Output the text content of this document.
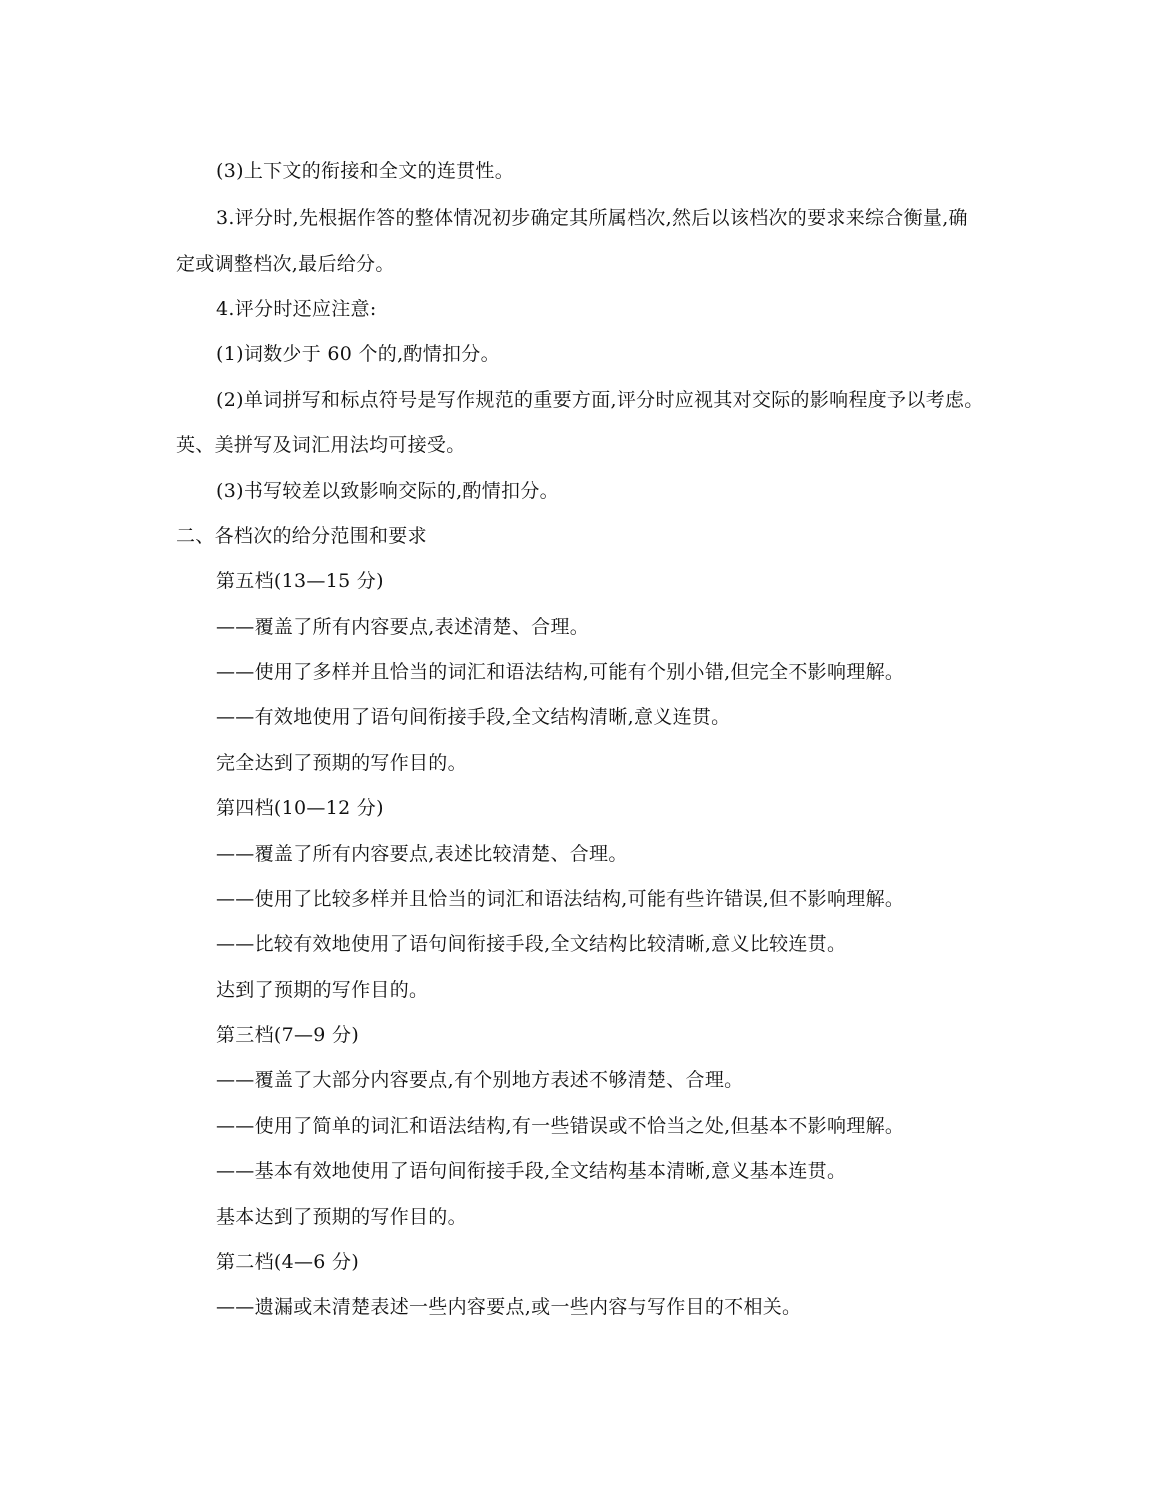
(3)上下文的衔接和全文的连贯性。
3.评分时,先根据作答的整体情况初步确定其所属档次,然后以该档次的要求来综合衡量,确
定或调整档次,最后给分。
4.评分时还应注意:
(1)词数少于 60 个的,酌情扣分。
(2)单词拼写和标点符号是写作规范的重要方面,评分时应视其对交际的影响程度予以考虑。
英、美拼写及词汇用法均可接受。
(3)书写较差以致影响交际的,酌情扣分。
二、各档次的给分范围和要求
第五档(13—15 分)
——覆盖了所有内容要点,表述清楚、合理。
——使用了多样并且恰当的词汇和语法结构,可能有个别小错,但完全不影响理解。
——有效地使用了语句间衔接手段,全文结构清晰,意义连贯。
完全达到了预期的写作目的。
第四档(10—12 分)
——覆盖了所有内容要点,表述比较清楚、合理。
——使用了比较多样并且恰当的词汇和语法结构,可能有些许错误,但不影响理解。
——比较有效地使用了语句间衔接手段,全文结构比较清晰,意义比较连贯。
达到了预期的写作目的。
第三档(7—9 分)
——覆盖了大部分内容要点,有个别地方表述不够清楚、合理。
——使用了简单的词汇和语法结构,有一些错误或不恰当之处,但基本不影响理解。
——基本有效地使用了语句间衔接手段,全文结构基本清晰,意义基本连贯。
基本达到了预期的写作目的。
第二档(4—6 分)
——遗漏或未清楚表述一些内容要点,或一些内容与写作目的不相关。
